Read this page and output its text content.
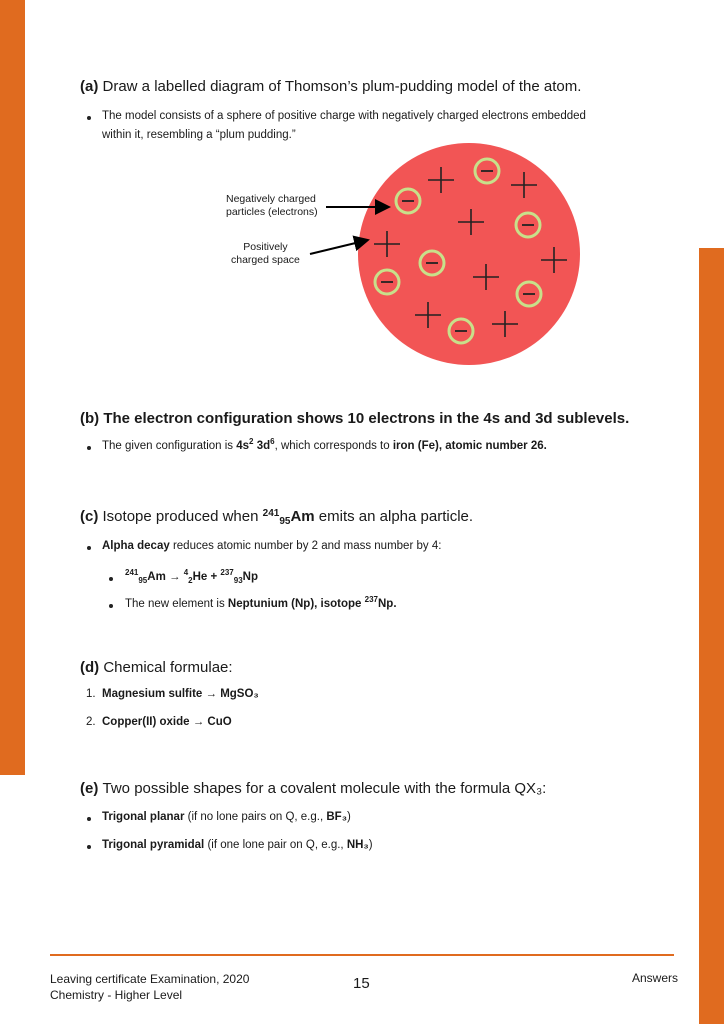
(a) Draw a labelled diagram of Thomson’s plum-pudding model of the atom.
The model consists of a sphere of positive charge with negatively charged electrons embedded
within it, resembling a “plum pudding.”
Negatively charged
particles (electrons)
Positively
charged space
(b) The electron configuration shows 10 electrons in the 4s and 3d sublevels.
The given configuration is $4s^2$ $3d^6$, which corresponds to iron (Fe), atomic number 26.
(c) Isotope produced when $^{241}_{95}$Am emits an alpha particle.
Alpha decay reduces atomic number by 2 and mass number by 4:
$^{241}_{95}$Am → $^4_2$He + $^{237}_{93}$Np
The new element is Neptunium (Np), isotope $^{237}$Np.
(d) Chemical formulae:
1. Magnesium sulfite → MgSO₃
2. Copper(II) oxide → CuO
(e) Two possible shapes for a covalent molecule with the formula QX₃:
Trigonal planar (if no lone pairs on Q, e.g., BF₃)
Trigonal pyramidal (if one lone pair on Q, e.g., NH₃)
Leaving certificate Examination, 2020
Chemistry - Higher Level
15	Answers
